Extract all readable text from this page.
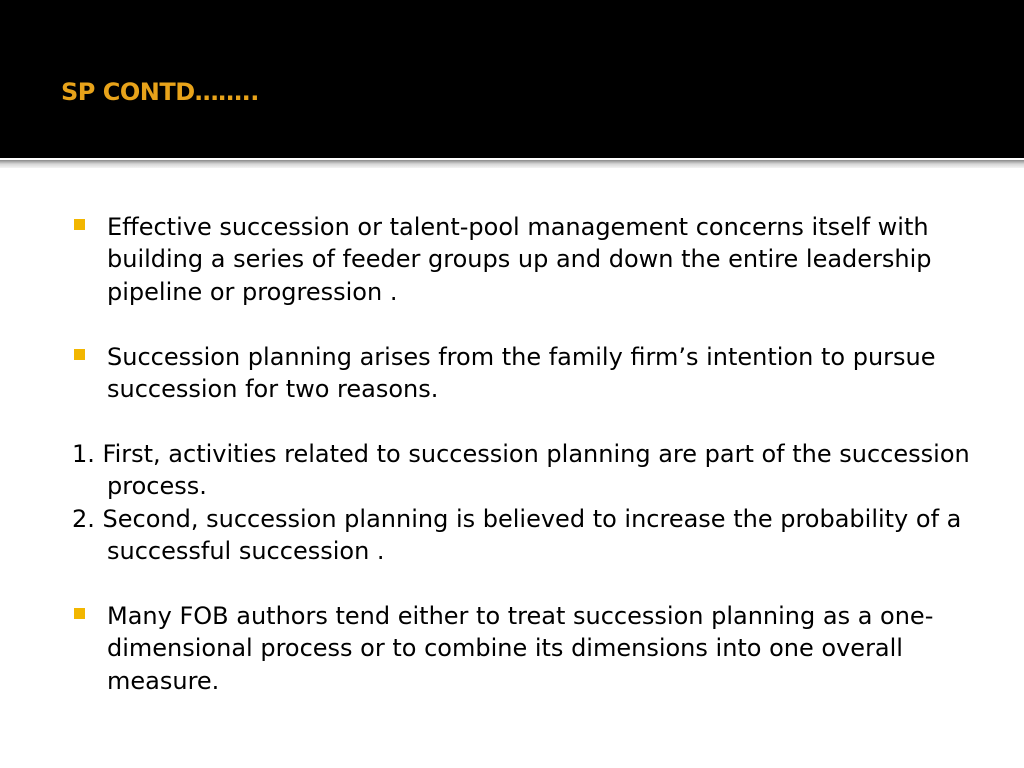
SP CONTD……..

Effective succession or talent-pool management concerns itself with building a series of feeder groups up and down the entire leadership pipeline or progression .

Succession planning arises from the family firm’s intention to pursue succession for two reasons.

1. First, activities related to succession planning are part of the succession process.

2. Second, succession planning is believed to increase the probability of a successful succession .

Many FOB authors tend either to treat succession planning as a one-dimensional process or to combine its dimensions into one overall measure.
